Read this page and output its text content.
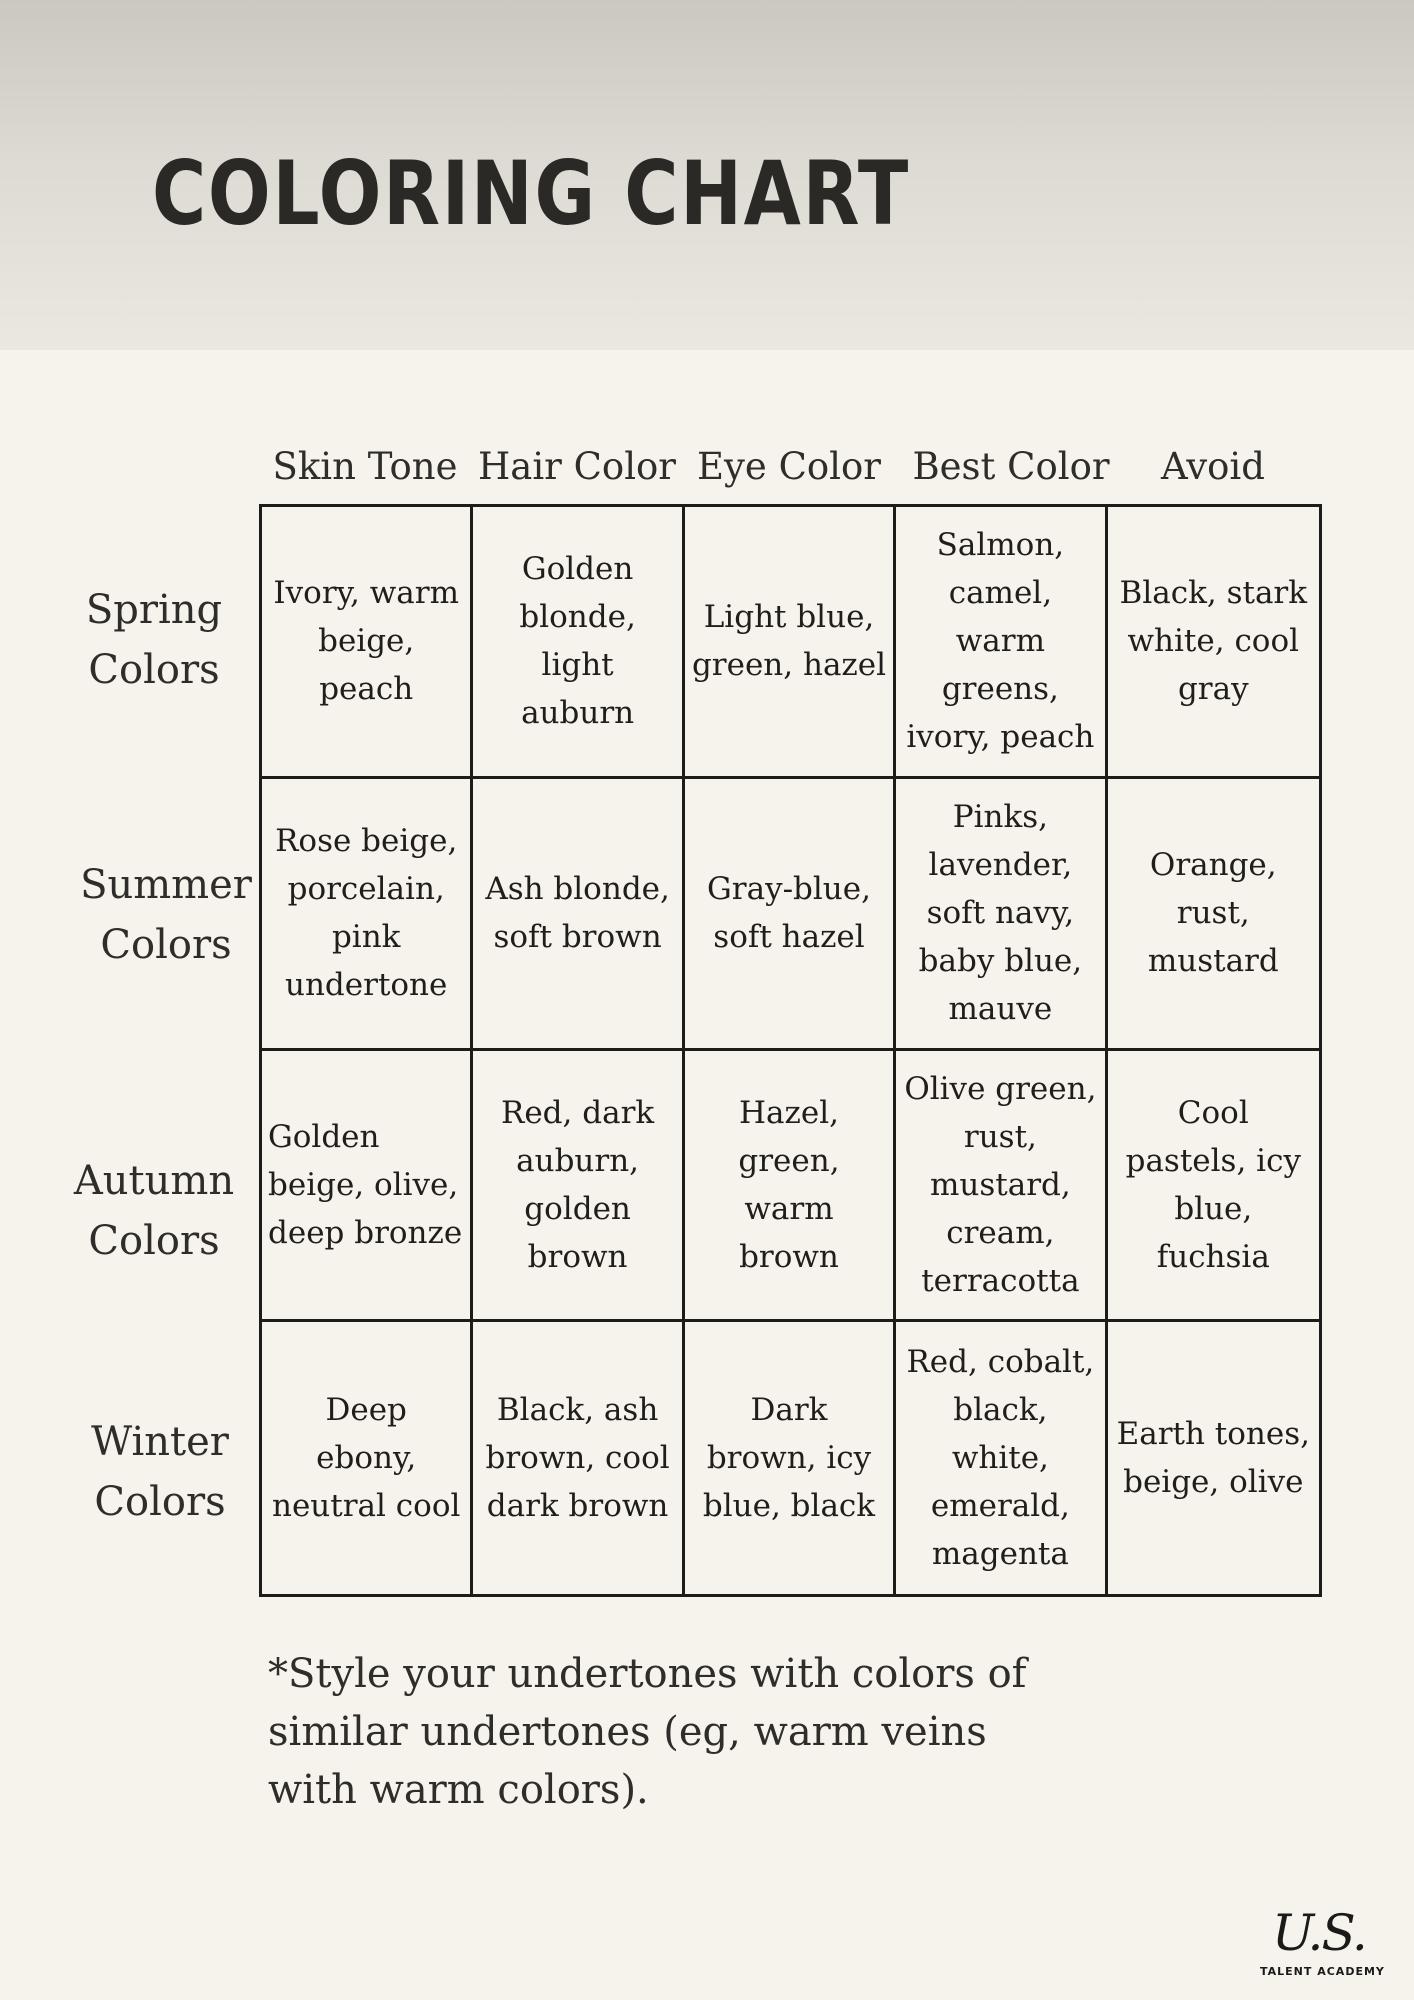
COLORING CHART
Skin Tone Hair Color Eye Color Best Color	Avoid
Spring
Colors
Summer
Colors
Autumn
Colors
Winter
Colors
Ivory, warm
beige, peach
Golden
blonde,
light
auburn
Light blue,
green, hazel
Salmon,
camel,
warm
greens,
ivory, peach
Black, stark
white, cool
gray
Rose beige,
porcelain,
pink
undertone
Ash blonde,
soft brown
Gray-blue,
soft hazel
Pinks,
lavender,
soft navy,
baby blue,
mauve
Orange,
rust,
mustard
Golden
beige, olive,
deep bronze
Red, dark
auburn,
golden
brown
Hazel,
green,
warm
brown
Olive green,
rust,
mustard,
cream,
terracotta
Cool
pastels, icy
blue,
fuchsia
Deep
ebony,
neutral cool
Black, ash
brown, cool
dark brown
Dark
brown, icy
blue, black
Red, cobalt,
black,
white,
emerald,
magenta
Earth tones,
beige, olive
*Style your undertones with colors of
similar undertones (eg, warm veins
with warm colors).
U.S.
TALENT ACADEMY
